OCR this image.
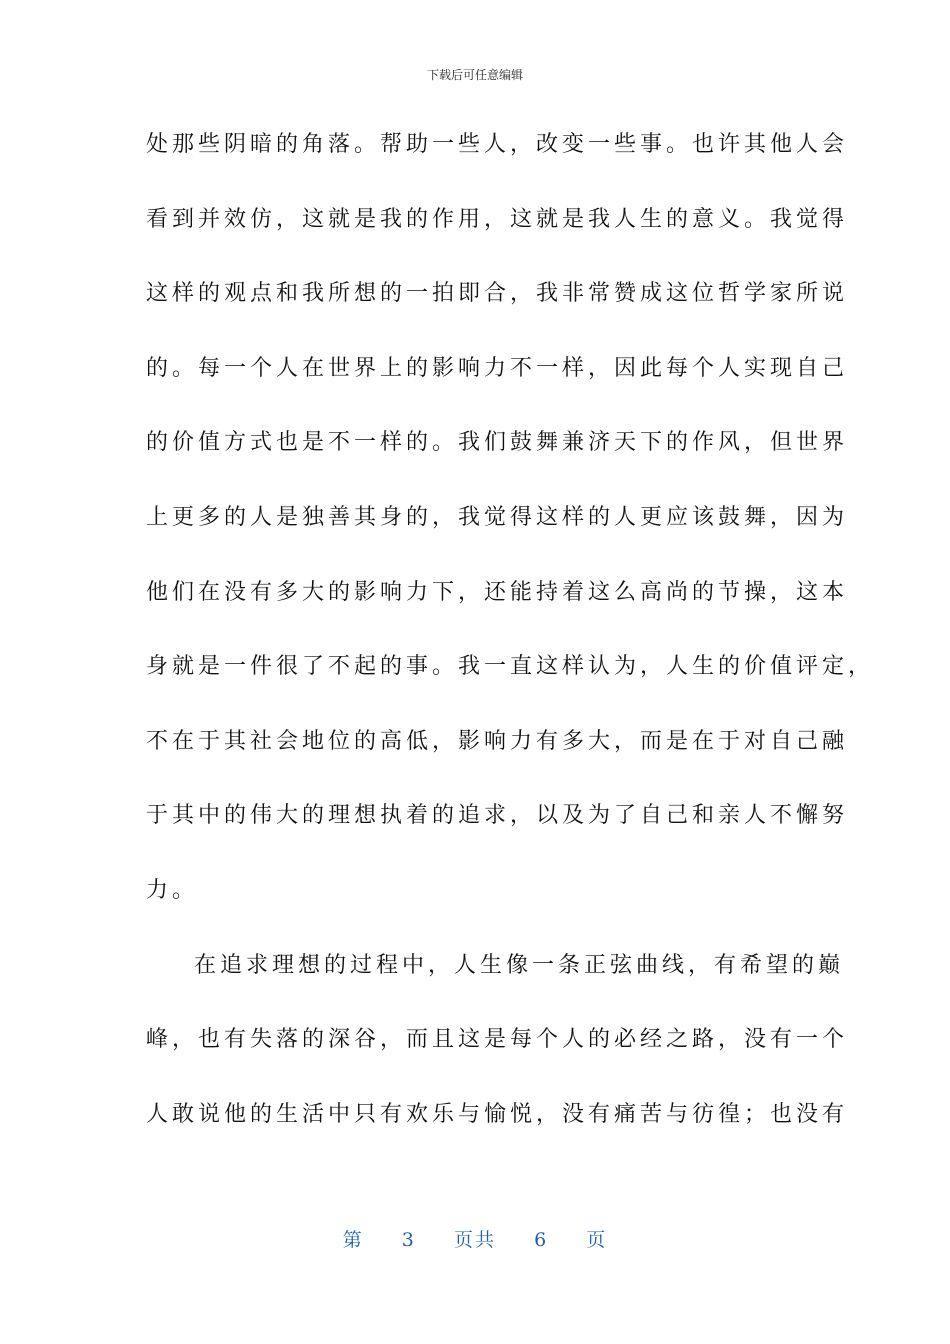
下载后可任意编辑
处那些阴暗的角落。帮助一些人，改变一些事。也许其他人会
看到并效仿，这就是我的作用，这就是我人生的意义。我觉得
这样的观点和我所想的一拍即合，我非常赞成这位哲学家所说
的。每一个人在世界上的影响力不一样，因此每个人实现自己
的价值方式也是不一样的。我们鼓舞兼济天下的作风，但世界
上更多的人是独善其身的，我觉得这样的人更应该鼓舞，因为
他们在没有多大的影响力下，还能持着这么高尚的节操，这本
身就是一件很了不起的事。我一直这样认为，人生的价值评定，
不在于其社会地位的高低，影响力有多大，而是在于对自己融
于其中的伟大的理想执着的追求，以及为了自己和亲人不懈努
力。
在追求理想的过程中，人生像一条正弦曲线，有希望的巅
峰，也有失落的深谷，而且这是每个人的必经之路，没有一个
人敢说他的生活中只有欢乐与愉悦，没有痛苦与彷徨；也没有
第 3 页共 6 页
